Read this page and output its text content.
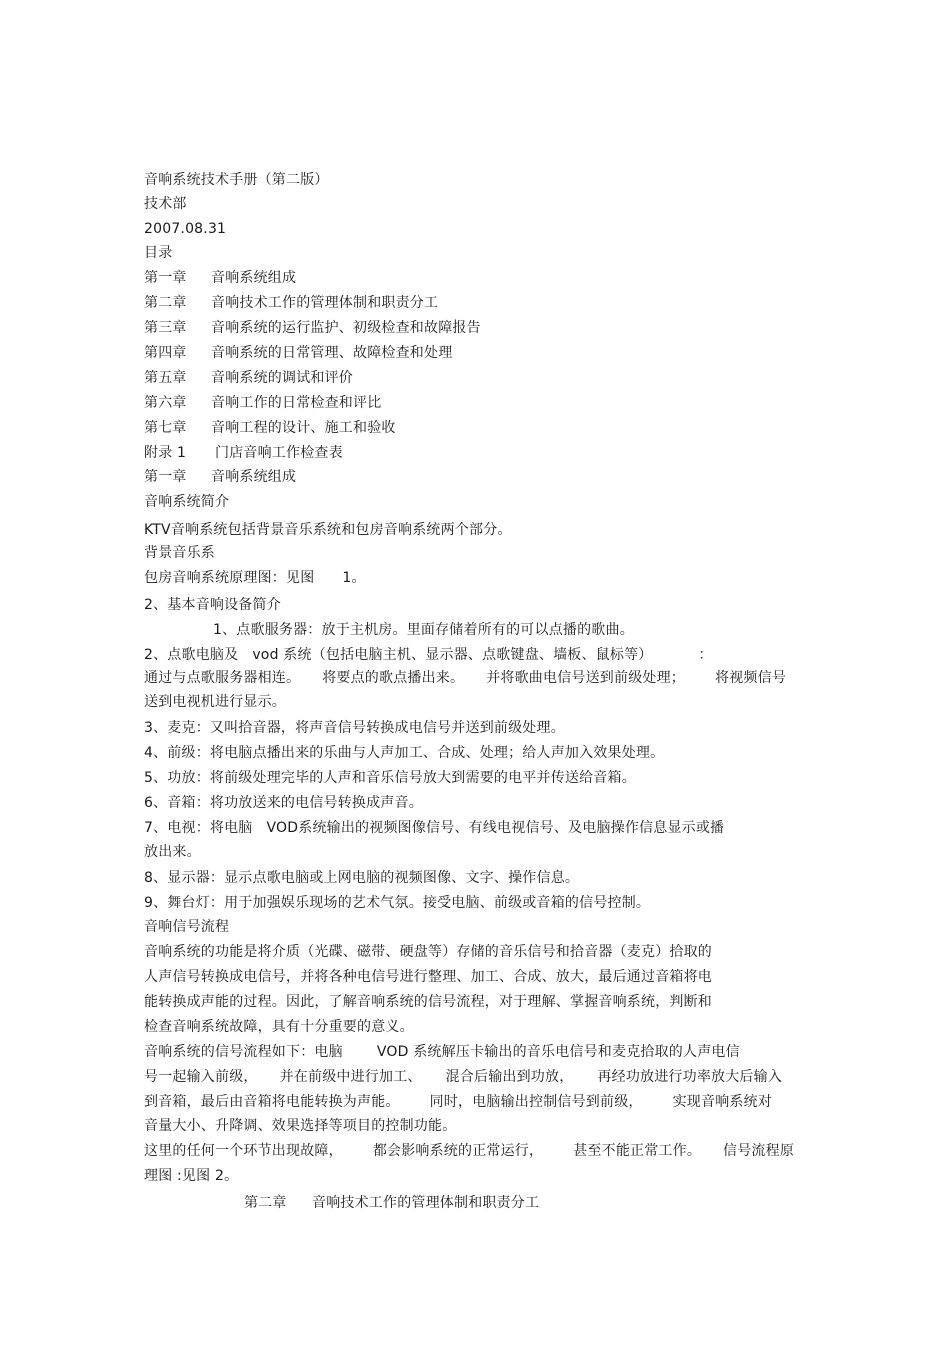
音响系统技术手册（第二版）
技术部
2007.08.31
目录
第一章 音响系统组成
第二章 音响技术工作的管理体制和职责分工
第三章 音响系统的运行监护、初级检查和故障报告
第四章 音响系统的日常管理、故障检查和处理
第五章 音响系统的调试和评价
第六章 音响工作的日常检查和评比
第七章 音响工程的设计、施工和验收
附录 1 门店音响工作检查表
第一章 音响系统组成
音响系统简介
KTV音响系统包括背景音乐系统和包房音响系统两个部分。
背景音乐系
包房音响系统原理图：见图 1。
2、基本音响设备简介
1、点歌服务器：放于主机房。里面存储着所有的可以点播的歌曲。
2、点歌电脑及 vod 系统（包括电脑主机、显示器、点歌键盘、墙板、鼠标等）	：
通过与点歌服务器相连。 将要点的歌点播出来。 并将歌曲电信号送到前级处理； 将视频信号
送到电视机进行显示。
3、麦克：又叫拾音器，将声音信号转换成电信号并送到前级处理。
4、前级：将电脑点播出来的乐曲与人声加工、合成、处理；给人声加入效果处理。
5、功放：将前级处理完毕的人声和音乐信号放大到需要的电平并传送给音箱。
6、音箱：将功放送来的电信号转换成声音。
7、电视：将电脑 VOD系统输出的视频图像信号、有线电视信号、及电脑操作信息显示或播
放出来。
8、显示器：显示点歌电脑或上网电脑的视频图像、文字、操作信息。
9、舞台灯：用于加强娱乐现场的艺术气氛。接受电脑、前级或音箱的信号控制。
音响信号流程
音响系统的功能是将介质（光碟、磁带、硬盘等）存储的音乐信号和拾音器（麦克）拾取的
人声信号转换成电信号，并将各种电信号进行整理、加工、合成、放大，最后通过音箱将电
能转换成声能的过程。因此，了解音响系统的信号流程，对于理解、掌握音响系统，判断和
检查音响系统故障，具有十分重要的意义。
音响系统的信号流程如下：电脑 VOD 系统解压卡输出的音乐电信号和麦克拾取的人声电信
号一起输入前级， 并在前级中进行加工、 混合后输出到功放， 再经功放进行功率放大后输入
到音箱，最后由音箱将电能转换为声能。 同时，电脑输出控制信号到前级， 实现音响系统对
音量大小、升降调、效果选择等项目的控制功能。
这里的任何一个环节出现故障， 都会影响系统的正常运行， 甚至不能正常工作。 信号流程原
理图 :见图 2。
第二章 音响技术工作的管理体制和职责分工
